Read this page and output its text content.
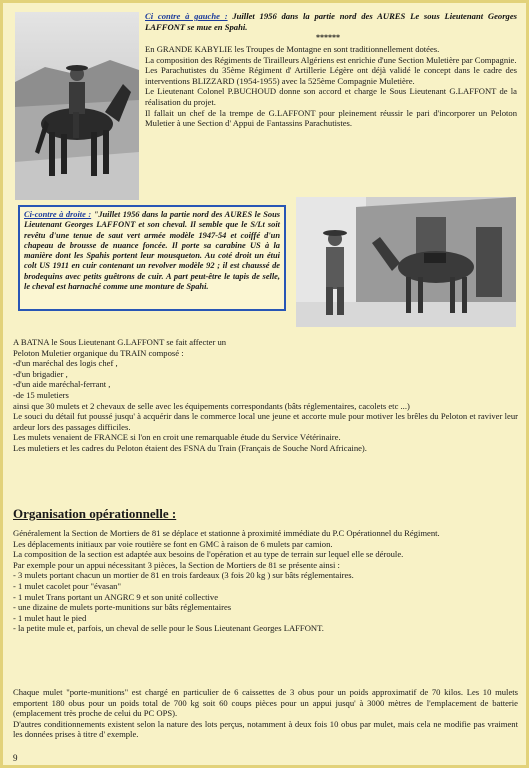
Ci contre à gauche : Juillet 1956 dans la partie nord des AURES Le sous Lieutenant Georges LAFFONT se mue en Spahi.
******

En GRANDE KABYLIE les Troupes de Montagne en sont traditionnellement dotées.

La composition des Régiments de Tirailleurs Algériens est enrichie d'une Section Muletière par Compagnie.

Les Parachutistes du 35ème Régiment d' Artillerie Légère ont déjà validé le concept dans le cadre des interventions BLIZZARD (1954-1955) avec la 525ème Compagnie Muletière.

Le Lieutenant Colonel P.BUCHOUD donne son accord et charge le Sous Lieutenant G.LAFFONT de la réalisation du projet.

Il fallait un chef de la trempe de G.LAFFONT pour pleinement réussir le pari d'incorporer un Peloton Muletier à une Section d' Appui de Fantassins Parachutistes.

Ci-contre à droite : "Juillet 1956 dans la partie nord des AURES le Sous Lieutenant Georges LAFFONT et son cheval. Il semble que le S/Lt soit revêtu d'une tenue de saut vert armée modèle 1947-54 et coiffé d'un chapeau de brousse de nuance foncée. Il porte sa carabine US à la manière dont les Spahis portent leur mousqueton. Au coté droit un étui colt US 1911 en cuir contenant un revolver modèle 92 ; il est chaussé de brodequins avec petits guêtrons de cuir. A part peut-être le tapis de selle, le cheval est harnaché comme une monture de Spahi.

A BATNA le Sous Lieutenant G.LAFFONT se fait affecter un

Peloton Muletier organique du TRAIN composé :

-d'un maréchal des logis chef ,

-d'un brigadier ,

-d'un aide maréchal-ferrant ,

-de 15 muletiers

ainsi que 30 mulets et 2 chevaux de selle avec les équipements correspondants (bâts réglementaires, cacolets etc ...)

Le souci du détail fut poussé jusqu' à acquérir dans le commerce local une jeune et accorte mule pour motiver les brêles du Peloton et raviver leur ardeur lors des passages difficiles.

Les mulets venaient de FRANCE si l'on en croit une remarquable étude du Service Vétérinaire.

Les muletiers et les cadres du Peloton étaient des FSNA du Train (Français de Souche Nord Africaine).

Organisation opérationnelle :

Généralement la Section de Mortiers de 81 se déplace et stationne à proximité immédiate du P.C Opérationnel du Régiment.

Les déplacements initiaux par voie routière se font en GMC à raison de 6 mulets par camion.

La composition de la section est adaptée aux besoins de l'opération et au type de terrain sur lequel elle se déroule.

Par exemple pour un appui nécessitant 3 pièces, la Section de Mortiers de 81 se présente ainsi :

- 3 mulets portant chacun un mortier de 81 en trois fardeaux (3 fois 20 kg ) sur bâts réglementaires.

- 1 mulet cacolet pour "évasan"

- 1 mulet Trans portant un ANGRC 9 et son unité collective

- une dizaine de mulets porte-munitions sur bâts réglementaires

- 1 mulet haut le pied

- la petite mule et, parfois, un cheval de selle pour le Sous Lieutenant Georges LAFFONT.

Chaque mulet "porte-munitions" est chargé en particulier de 6 caissettes de 3 obus pour un poids approximatif de 70 kilos. Les 10 mulets emportent 180 obus pour un poids total de 700 kg soit 60 coups pièces pour un appui jusqu' à 3000 mètres de l'emplacement de batterie (emplacement très proche de celui du PC OPS).

D'autres conditionnements existent selon la nature des lots perçus, notamment à deux fois 10 obus par mulet, mais cela ne modifie pas vraiment les données prises à titre d' exemple.

9
